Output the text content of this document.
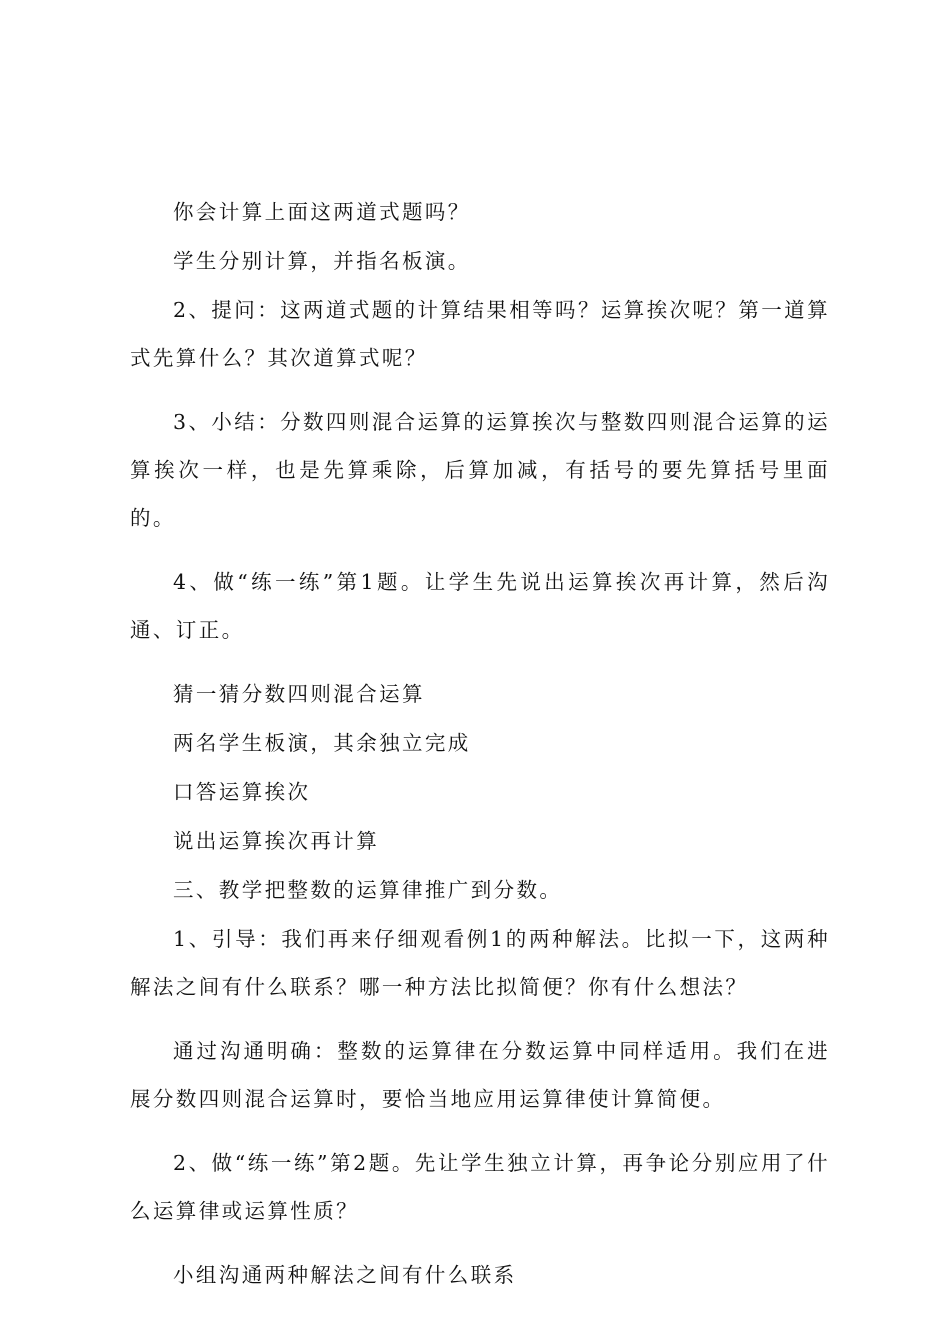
你会计算上面这两道式题吗？

学生分别计算，并指名板演。

2、提问：这两道式题的计算结果相等吗？运算挨次呢？第一道算式先算什么？其次道算式呢？

3、小结：分数四则混合运算的运算挨次与整数四则混合运算的运算挨次一样，也是先算乘除，后算加减，有括号的要先算括号里面的。

4、做“练一练”第1题。让学生先说出运算挨次再计算，然后沟通、订正。

猜一猜分数四则混合运算

两名学生板演，其余独立完成

口答运算挨次

说出运算挨次再计算

三、教学把整数的运算律推广到分数。

1、引导：我们再来仔细观看例1的两种解法。比拟一下，这两种解法之间有什么联系？哪一种方法比拟简便？你有什么想法？

通过沟通明确：整数的运算律在分数运算中同样适用。我们在进展分数四则混合运算时，要恰当地应用运算律使计算简便。

2、做“练一练”第2题。先让学生独立计算，再争论分别应用了什么运算律或运算性质？

小组沟通两种解法之间有什么联系
